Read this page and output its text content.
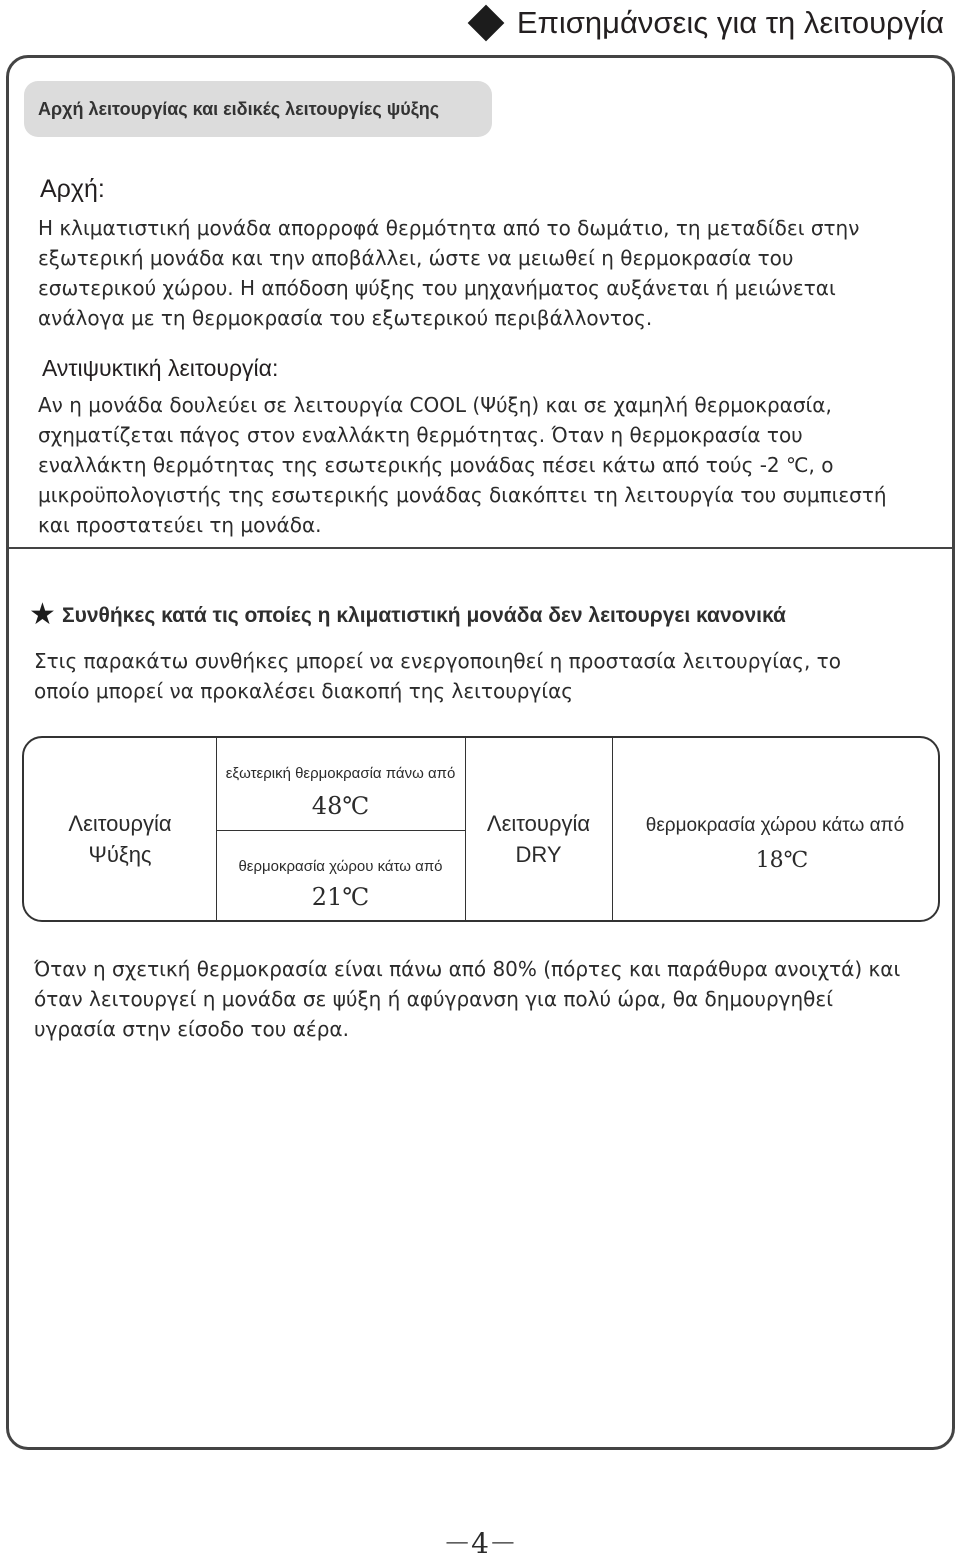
Επισημάνσεις για τη λειτουργία
Αρχή λειτουργίας και ειδικές λειτουργίες ψύξης
Αρχή:
Η κλιματιστική μονάδα απορροφά θερμότητα από το δωμάτιο, τη μεταδίδει στην
εξωτερική μονάδα και την αποβάλλει, ώστε να μειωθεί η θερμοκρασία του
εσωτερικού χώρου. Η απόδοση ψύξης του μηχανήματος αυξάνεται ή μειώνεται
ανάλογα με τη θερμοκρασία του εξωτερικού περιβάλλοντος.
Αντιψυκτική λειτουργία:
Αν η μονάδα δουλεύει σε λειτουργία COOL (Ψύξη) και σε χαμηλή θερμοκρασία,
σχηματίζεται πάγος στον εναλλάκτη θερμότητας. Όταν η θερμοκρασία του
εναλλάκτη θερμότητας της εσωτερικής μονάδας πέσει κάτω από τούς -2 ℃, ο
μικροϋπολογιστής της εσωτερικής μονάδας διακόπτει τη λειτουργία του συμπιεστή
και προστατεύει τη μονάδα.
★ Συνθήκες κατά τις οποίες η κλιματιστική μονάδα δεν λειτουργει κανονικά
Στις παρακάτω συνθήκες μπορεί να ενεργοποιηθεί η προστασία λειτουργίας, το
οποίο μπορεί να προκαλέσει διακοπή της λειτουργίας
Λειτουργία
Ψύξης
εξωτερική θερμοκρασία πάνω από
48℃
θερμοκρασία χώρου κάτω από
21℃
Λειτουργία
DRY
θερμοκρασία χώρου κάτω από
18℃
Όταν η σχετική θερμοκρασία είναι πάνω από 80% (πόρτες και παράθυρα ανοιχτά) και
όταν λειτουργεί η μονάδα σε ψύξη ή αφύγρανση για πολύ ώρα, θα δημουργηθεί
υγρασία στην είσοδο του αέρα.
－4－
